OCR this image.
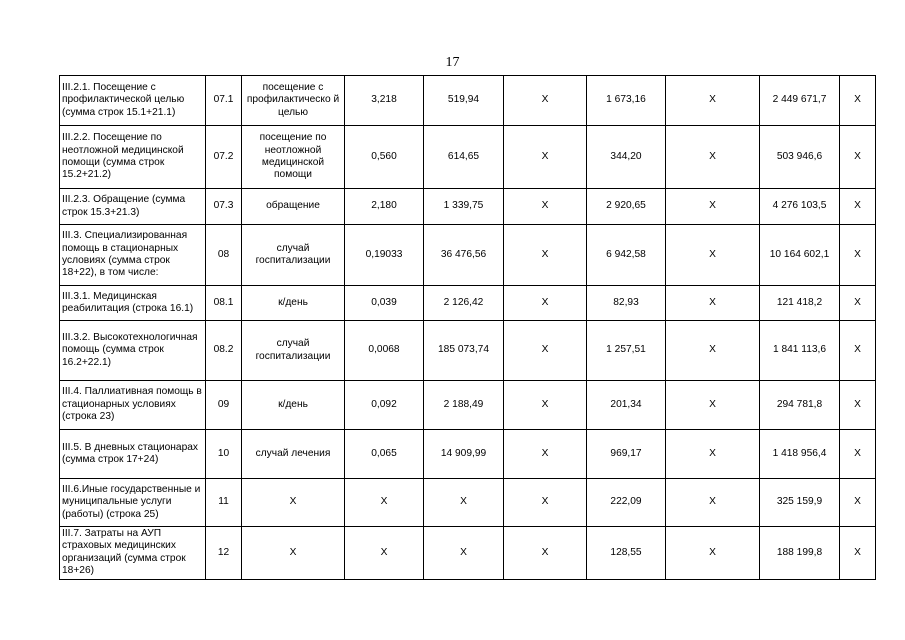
17
III.2.1. Посещение с профилактической целью (сумма строк 15.1+21.1)	07.1	посещение с профилактическо й целью	3,218	519,94	X	1 673,16	X	2 449 671,7	X
III.2.2. Посещение по неотложной медицинской помощи (сумма строк 15.2+21.2)	07.2	посещение по неотложной медицинской помощи	0,560	614,65	X	344,20	X	503 946,6	X
III.2.3. Обращение (сумма строк 15.3+21.3)	07.3	обращение	2,180	1 339,75	X	2 920,65	X	4 276 103,5	X
III.3. Специализированная помощь в стационарных условиях (сумма строк 18+22), в том числе:	08	случай госпитализации	0,19033	36 476,56	X	6 942,58	X	10 164 602,1	X
III.3.1. Медицинская реабилитация (строка 16.1)	08.1	к/день	0,039	2 126,42	X	82,93	X	121 418,2	X
III.3.2. Высокотехнологичная помощь (сумма строк 16.2+22.1)	08.2	случай госпитализации	0,0068	185 073,74	X	1 257,51	X	1 841 113,6	X
III.4. Паллиативная помощь в стационарных условиях (строка 23)	09	к/день	0,092	2 188,49	X	201,34	X	294 781,8	X
III.5. В дневных стационарах (сумма строк 17+24)	10	случай лечения	0,065	14 909,99	X	969,17	X	1 418 956,4	X
III.6.Иные государственные и муниципальные услуги (работы) (строка 25)	11	X	X	X	X	222,09	X	325 159,9	X
III.7. Затраты на АУП страховых медицинских организаций (сумма строк 18+26)	12	X	X	X	X	128,55	X	188 199,8	X
